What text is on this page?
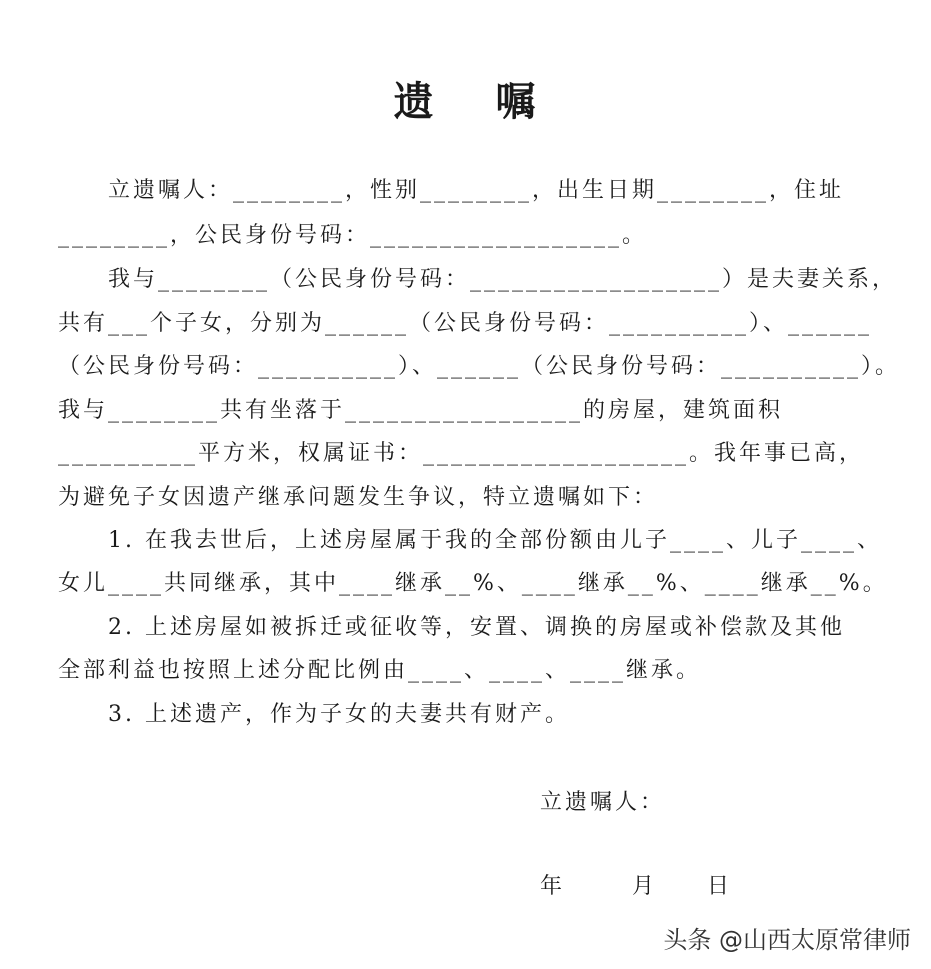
遗 嘱
立遗嘱人：________，性别________，出生日期________，住址
________，公民身份号码：__________________。
我与________（公民身份号码：__________________）是夫妻关系，
共有___个子女，分别为______（公民身份号码：__________）、______
（公民身份号码：__________）、______（公民身份号码：__________）。
我与________共有坐落于_________________的房屋，建筑面积
__________平方米，权属证书：___________________。我年事已高，
为避免子女因遗产继承问题发生争议，特立遗嘱如下：
1. 在我去世后，上述房屋属于我的全部份额由儿子____、儿子____、
女儿____共同继承，其中____继承__%、____继承__%、____继承__%。
2. 上述房屋如被拆迁或征收等，安置、调换的房屋或补偿款及其他
全部利益也按照上述分配比例由____、____、____继承。
3. 上述遗产，作为子女的夫妻共有财产。
立遗嘱人：
年	月 日
头条 @山西太原常律师
